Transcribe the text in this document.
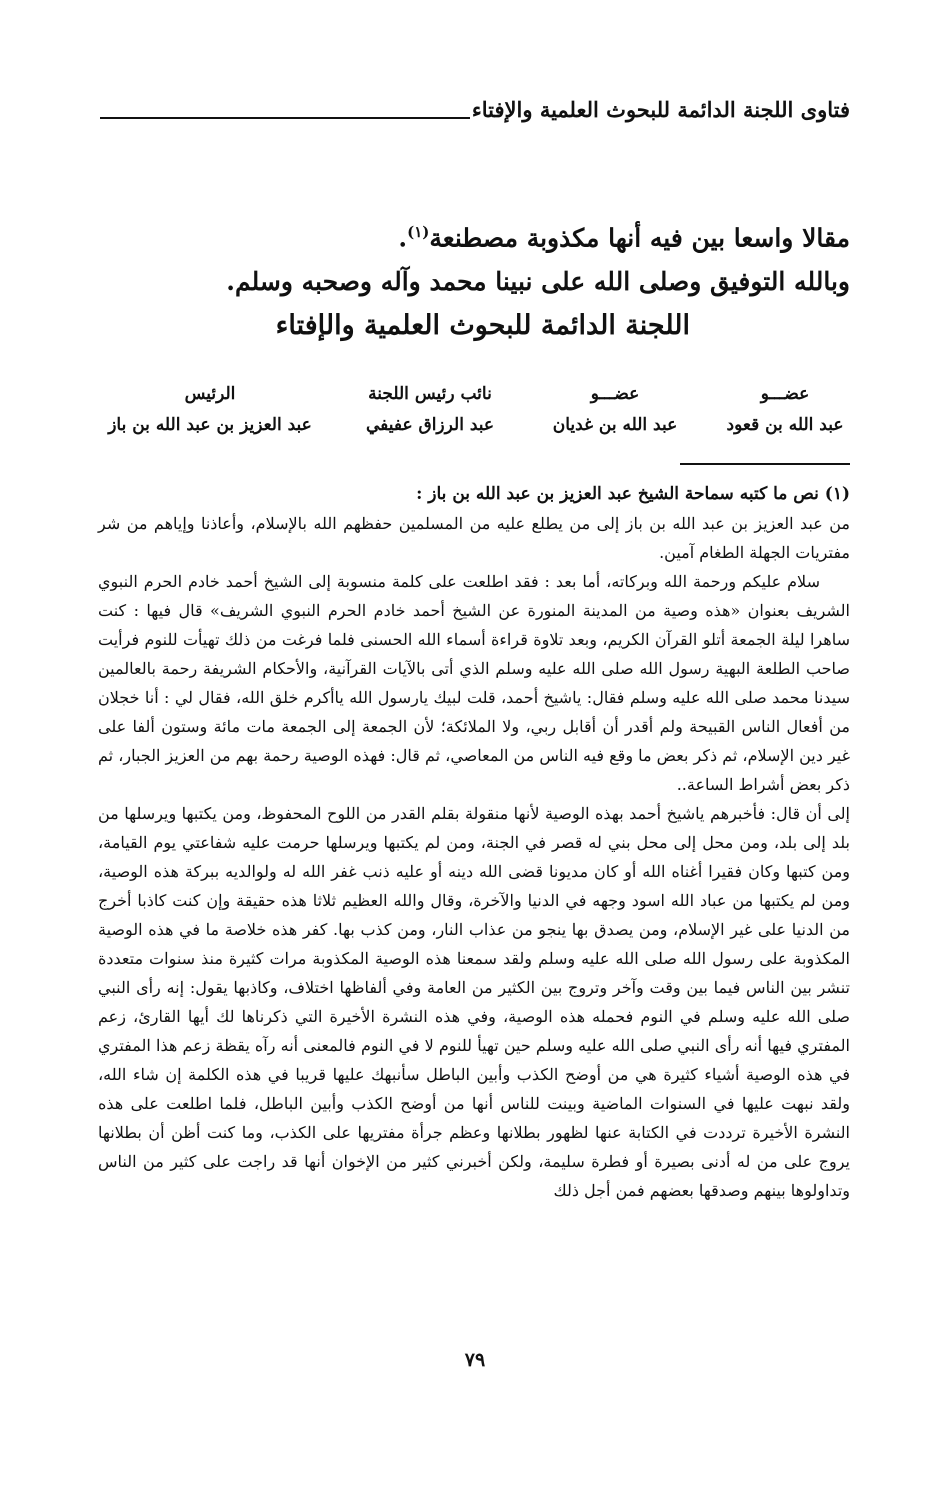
فتاوى اللجنة الدائمة للبحوث العلمية والإفتاء

مقالا واسعا بين فيه أنها مكذوبة مصطنعة$^{(١)}$.

وبالله التوفيق وصلى الله على نبينا محمد وآله وصحبه وسلم.

اللجنة الدائمة للبحوث العلمية والإفتاء

عضـــو
عبد الله بن قعود
عضـــو
عبد الله بن غديان
نائب رئيس اللجنة
عبد الرزاق عفيفي
الرئيس
عبد العزيز بن عبد الله بن باز

(١) نص ما كتبه سماحة الشيخ عبد العزيز بن عبد الله بن باز :

من عبد العزيز بن عبد الله بن باز إلى من يطلع عليه من المسلمين حفظهم الله بالإسلام، وأعاذنا وإياهم من شر مفتريات الجهلة الطغام آمين.

سلام عليكم ورحمة الله وبركاته، أما بعد : فقد اطلعت على كلمة منسوبة إلى الشيخ أحمد خادم الحرم النبوي الشريف بعنوان «هذه وصية من المدينة المنورة عن الشيخ أحمد خادم الحرم النبوي الشريف» قال فيها : كنت ساهرا ليلة الجمعة أتلو القرآن الكريم، وبعد تلاوة قراءة أسماء الله الحسنى فلما فرغت من ذلك تهيأت للنوم فرأيت صاحب الطلعة البهية رسول الله صلى الله عليه وسلم الذي أتى بالآيات القرآنية، والأحكام الشريفة رحمة بالعالمين سيدنا محمد صلى الله عليه وسلم فقال: ياشيخ أحمد، قلت لبيك يارسول الله ياأكرم خلق الله، فقال لي : أنا خجلان من أفعال الناس القبيحة ولم أقدر أن أقابل ربي، ولا الملائكة؛ لأن الجمعة إلى الجمعة مات مائة وستون ألفا على غير دين الإسلام، ثم ذكر بعض ما وقع فيه الناس من المعاصي، ثم قال: فهذه الوصية رحمة بهم من العزيز الجبار، ثم ذكر بعض أشراط الساعة..

إلى أن قال: فأخبرهم ياشيخ أحمد بهذه الوصية لأنها منقولة بقلم القدر من اللوح المحفوظ، ومن يكتبها ويرسلها من بلد إلى بلد، ومن محل إلى محل بني له قصر في الجنة، ومن لم يكتبها ويرسلها حرمت عليه شفاعتي يوم القيامة، ومن كتبها وكان فقيرا أغناه الله أو كان مديونا قضى الله دينه أو عليه ذنب غفر الله له ولوالديه ببركة هذه الوصية، ومن لم يكتبها من عباد الله اسود وجهه في الدنيا والآخرة، وقال والله العظيم ثلاثا هذه حقيقة وإن كنت كاذبا أخرج من الدنيا على غير الإسلام، ومن يصدق بها ينجو من عذاب النار، ومن كذب بها. كفر هذه خلاصة ما في هذه الوصية المكذوبة على رسول الله صلى الله عليه وسلم ولقد سمعنا هذه الوصية المكذوبة مرات كثيرة منذ سنوات متعددة تنشر بين الناس فيما بين وقت وآخر وتروج بين الكثير من العامة وفي ألفاظها اختلاف، وكاذبها يقول: إنه رأى النبي صلى الله عليه وسلم في النوم فحمله هذه الوصية، وفي هذه النشرة الأخيرة التي ذكرناها لك أيها القارئ، زعم المفتري فيها أنه رأى النبي صلى الله عليه وسلم حين تهيأ للنوم لا في النوم فالمعنى أنه رآه يقظة زعم هذا المفتري في هذه الوصية أشياء كثيرة هي من أوضح الكذب وأبين الباطل سأنبهك عليها قريبا في هذه الكلمة إن شاء الله، ولقد نبهت عليها في السنوات الماضية وبينت للناس أنها من أوضح الكذب وأبين الباطل، فلما اطلعت على هذه النشرة الأخيرة ترددت في الكتابة عنها لظهور بطلانها وعظم جرأة مفتريها على الكذب، وما كنت أظن أن بطلانها يروج على من له أدنى بصيرة أو فطرة سليمة، ولكن أخبرني كثير من الإخوان أنها قد راجت على كثير من الناس وتداولوها بينهم وصدقها بعضهم فمن أجل ذلك

٧٩
